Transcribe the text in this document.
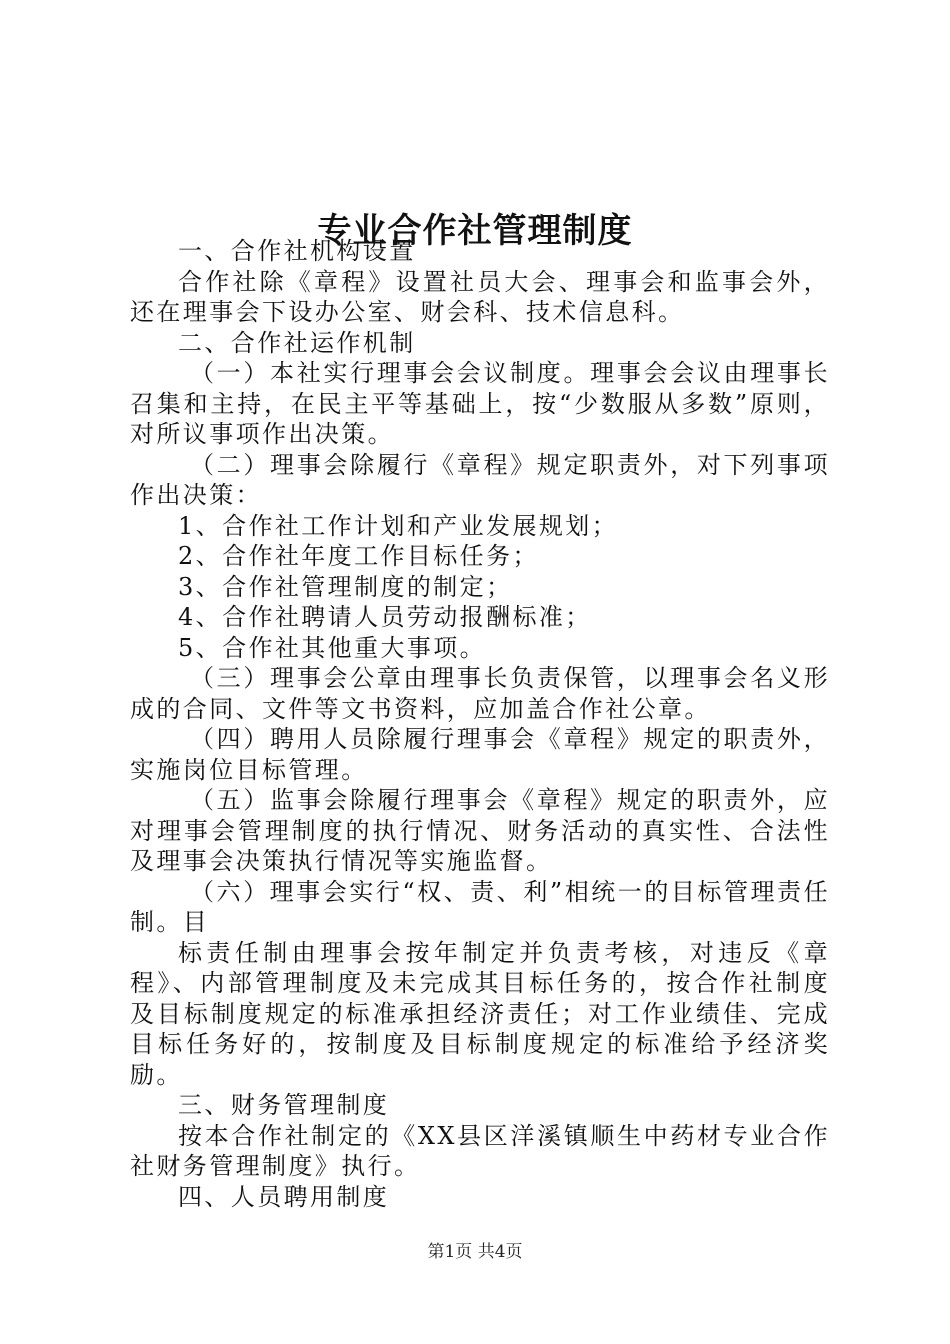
专业合作社管理制度

一、合作社机构设置

合作社除《章程》设置社员大会、理事会和监事会外，还在理事会下设办公室、财会科、技术信息科。

二、合作社运作机制

（一）本社实行理事会会议制度。理事会会议由理事长召集和主持，在民主平等基础上，按“少数服从多数”原则，对所议事项作出决策。

（二）理事会除履行《章程》规定职责外，对下列事项作出决策：

1、合作社工作计划和产业发展规划；

2、合作社年度工作目标任务；

3、合作社管理制度的制定；

4、合作社聘请人员劳动报酬标准；

5、合作社其他重大事项。

（三）理事会公章由理事长负责保管，以理事会名义形成的合同、文件等文书资料，应加盖合作社公章。

（四）聘用人员除履行理事会《章程》规定的职责外，实施岗位目标管理。

（五）监事会除履行理事会《章程》规定的职责外，应对理事会管理制度的执行情况、财务活动的真实性、合法性及理事会决策执行情况等实施监督。

（六）理事会实行“权、责、利”相统一的目标管理责任制。目

标责任制由理事会按年制定并负责考核，对违反《章程》、内部管理制度及未完成其目标任务的，按合作社制度及目标制度规定的标准承担经济责任；对工作业绩佳、完成目标任务好的，按制度及目标制度规定的标准给予经济奖励。

三、财务管理制度

按本合作社制定的《XX县区洋溪镇顺生中药材专业合作社财务管理制度》执行。

四、人员聘用制度

第1页 共4页
